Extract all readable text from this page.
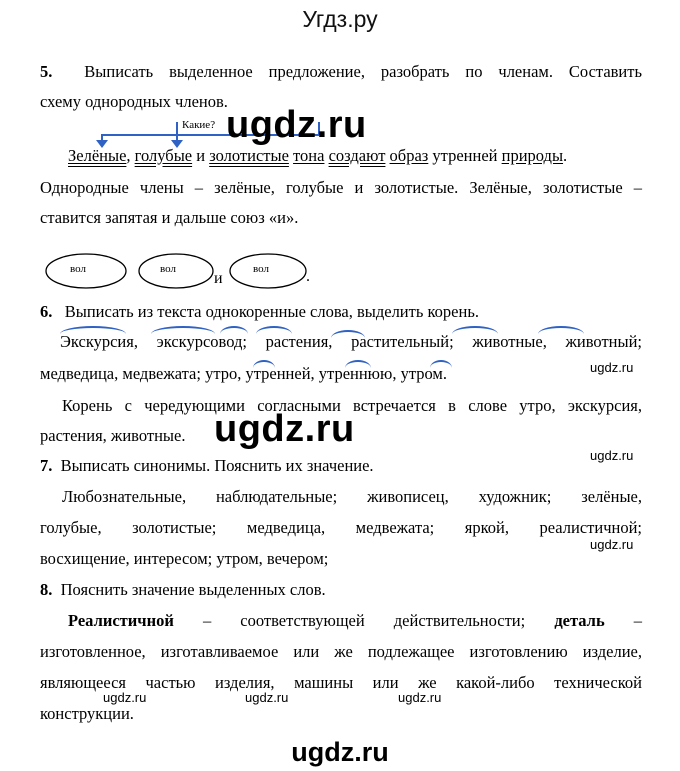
Угдз.ру
5. Выписать выделенное предложение, разобрать по членам. Составить
схему однородных членов.
Какие?
Зелёные, голубые и золотистые тона создают образ утренней природы.
Однородные члены – зелёные, голубые и золотистые. Зелёные, золотистые –
ставится запятая и дальше союз «и».
вол	вол	вол
и	.
6. Выписать из текста однокоренные слова, выделить корень.
Экскурсия, экскурсовод; растения, растительный; животные, животный;
медведица, медвежата; утро, утренней, утреннюю, утром.
Корень с чередующими согласными встречается в слове утро, экскурсия,
растения, животные.
7. Выписать синонимы. Пояснить их значение.
Любознательные, наблюдательные; живописец, художник; зелёные,
голубые, золотистые; медведица, медвежата; яркой, реалистичной;
восхищение, интересом; утром, вечером;
8. Пояснить значение выделенных слов.
Реалистичной – соответствующей действительности; деталь –
изготовленное, изготавливаемое или же подлежащее изготовлению изделие,
являющееся частью изделия, машины или же какой-либо технической
конструкции.
ugdz.ru
ugdz.ru
ugdz.ru
ugdz.ru
ugdz.ru
ugdz.ru	ugdz.ru	ugdz.ru
ugdz.ru
